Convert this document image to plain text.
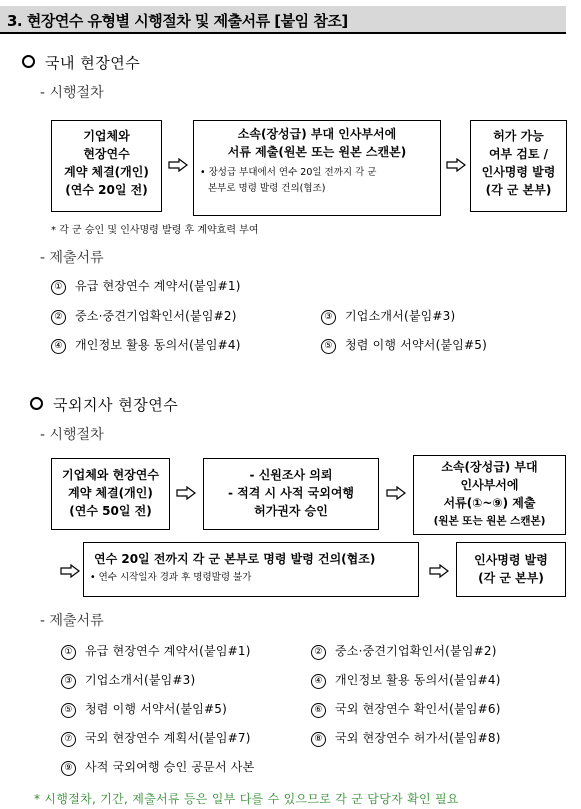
3. 현장연수 유형별 시행절차 및 제출서류 [붙임 참조]
국내 현장연수
- 시행절차
기업체와
현장연수
계약 체결(개인)
(연수 20일 전)
소속(장성급) 부대 인사부서에
서류 제출(원본 또는 원본 스캔본)
• 장성급 부대에서 연수 20일 전까지 각 군
본부로 명령 발령 건의(협조)
허가 가능
여부 검토 /
인사명령 발령
(각 군 본부)
* 각 군 승인 및 인사명령 발령 후 계약효력 부여
- 제출서류
① 유급 현장연수 계약서(붙임#1)
② 중소·중견기업확인서(붙임#2)	③ 기업소개서(붙임#3)
④ 개인정보 활용 동의서(붙임#4)	⑤ 청렴 이행 서약서(붙임#5)
국외지사 현장연수
- 시행절차
기업체와 현장연수
계약 체결(개인)
(연수 50일 전)
- 신원조사 의뢰
- 적격 시 사적 국외여행
허가권자 승인
소속(장성급) 부대
인사부서에
서류(①~⑨) 제출
(원본 또는 원본 스캔본)
연수 20일 전까지 각 군 본부로 명령 발령 건의(협조)
• 연수 시작일자 경과 후 명령발령 불가
인사명령 발령
(각 군 본부)
- 제출서류
① 유급 현장연수 계약서(붙임#1)	② 중소·중견기업확인서(붙임#2)
③ 기업소개서(붙임#3)	④ 개인정보 활용 동의서(붙임#4)
⑤ 청렴 이행 서약서(붙임#5)	⑥ 국외 현장연수 확인서(붙임#6)
⑦ 국외 현장연수 계획서(붙임#7)	⑧ 국외 현장연수 허가서(붙임#8)
⑨ 사적 국외여행 승인 공문서 사본
* 시행절차, 기간, 제출서류 등은 일부 다를 수 있으므로 각 군 담당자 확인 필요
